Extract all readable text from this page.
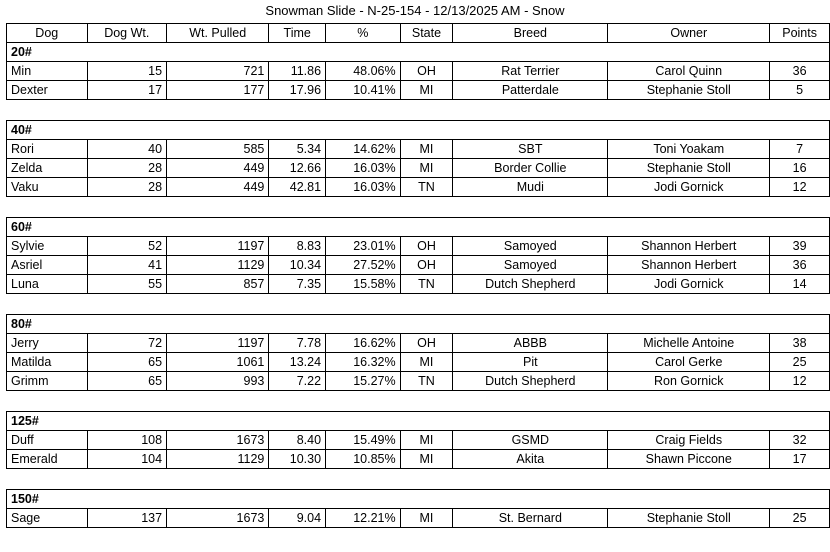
Snowman Slide - N-25-154 - 12/13/2025 AM - Snow
Dog	Dog Wt.	Wt. Pulled	Time	%	State	Breed	Owner	Points
20#								
Min	15	721	11.86	48.06%	OH	Rat Terrier	Carol Quinn	36
Dexter	17	177	17.96	10.41%	MI	Patterdale	Stephanie Stoll	5

40#								
Rori	40	585	5.34	14.62%	MI	SBT	Toni Yoakam	7
Zelda	28	449	12.66	16.03%	MI	Border Collie	Stephanie Stoll	16
Vaku	28	449	42.81	16.03%	TN	Mudi	Jodi Gornick	12

60#								
Sylvie	52	1197	8.83	23.01%	OH	Samoyed	Shannon Herbert	39
Asriel	41	1129	10.34	27.52%	OH	Samoyed	Shannon Herbert	36
Luna	55	857	7.35	15.58%	TN	Dutch Shepherd	Jodi Gornick	14

80#								
Jerry	72	1197	7.78	16.62%	OH	ABBB	Michelle Antoine	38
Matilda	65	1061	13.24	16.32%	MI	Pit	Carol Gerke	25
Grimm	65	993	7.22	15.27%	TN	Dutch Shepherd	Ron Gornick	12

125#								
Duff	108	1673	8.40	15.49%	MI	GSMD	Craig Fields	32
Emerald	104	1129	10.30	10.85%	MI	Akita	Shawn Piccone	17

150#								
Sage	137	1673	9.04	12.21%	MI	St. Bernard	Stephanie Stoll	25
